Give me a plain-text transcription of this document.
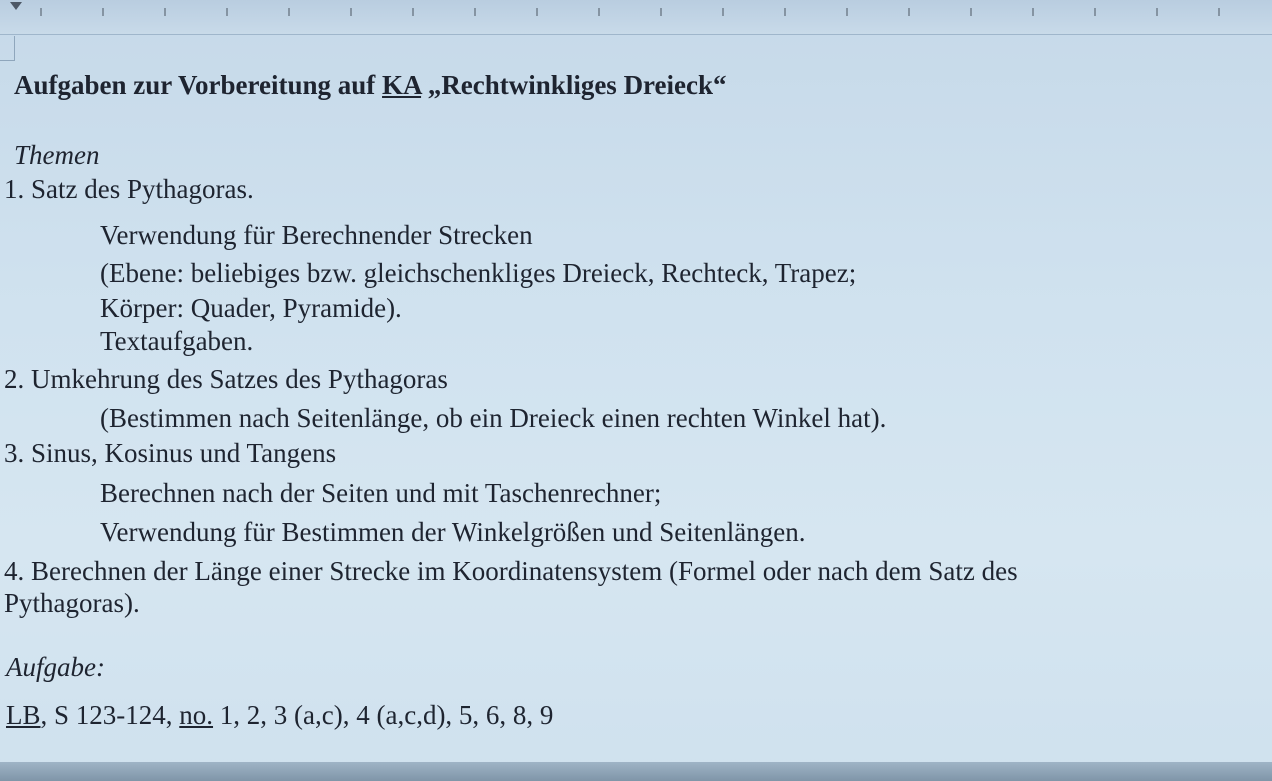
Aufgaben zur Vorbereitung auf KA „Rechtwinkliges Dreieck“
Themen
1. Satz des Pythagoras.
Verwendung für Berechnender Strecken
(Ebene: beliebiges bzw. gleichschenkliges Dreieck, Rechteck, Trapez;
Körper: Quader, Pyramide).
Textaufgaben.
2. Umkehrung des Satzes des Pythagoras
(Bestimmen nach Seitenlänge, ob ein Dreieck einen rechten Winkel hat).
3. Sinus, Kosinus und Tangens
Berechnen nach der Seiten und mit Taschenrechner;
Verwendung für Bestimmen der Winkelgrößen und Seitenlängen.
4. Berechnen der Länge einer Strecke im Koordinatensystem (Formel oder nach dem Satz des
Pythagoras).
Aufgabe:
LB, S 123-124, no. 1, 2, 3 (a,c), 4 (a,c,d), 5, 6, 8, 9
